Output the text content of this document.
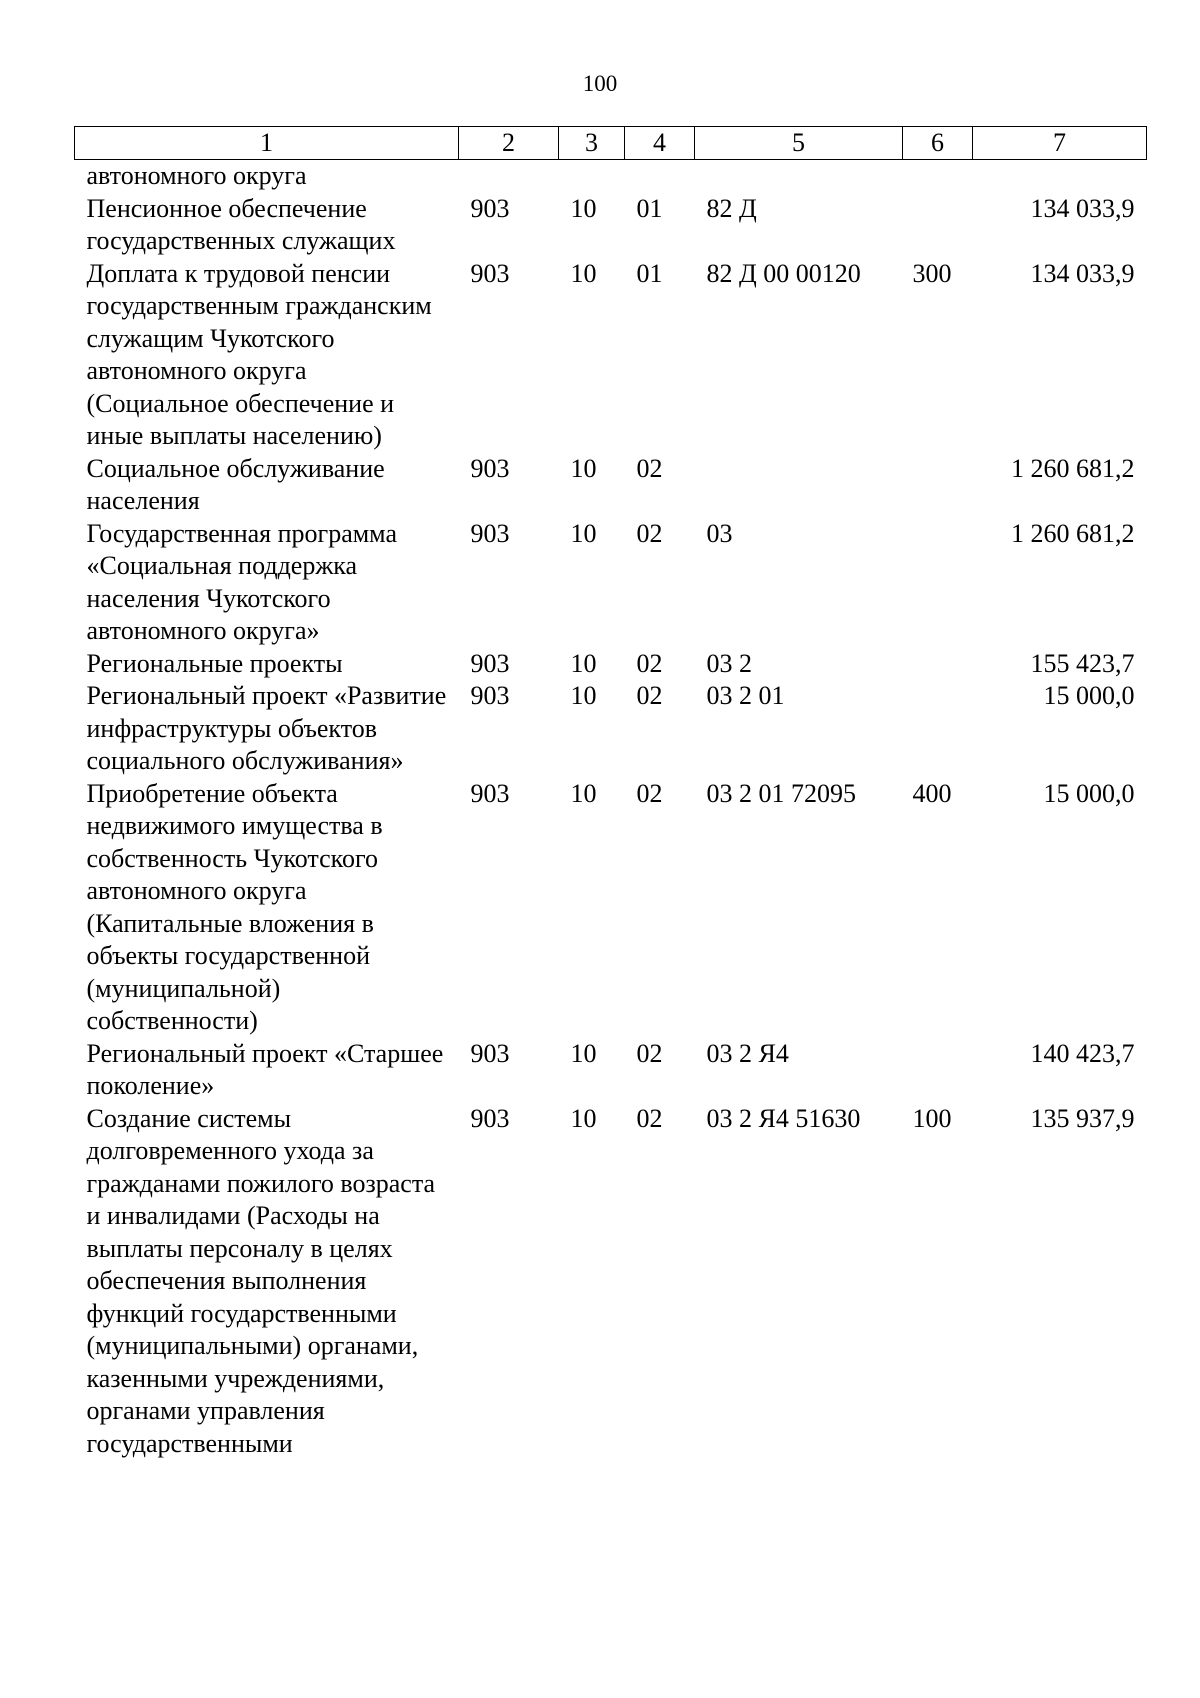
100
1	2	3	4	5	6	7
автономного округа						
Пенсионное обеспечение государственных служащих	903	10	01	82 Д		134 033,9
Доплата к трудовой пенсии государственным гражданским служащим Чукотского автономного округа (Социальное обеспечение и иные выплаты населению)	903	10	01	82 Д 00 00120	300	134 033,9
Социальное обслуживание населения	903	10	02			1 260 681,2
Государственная программа «Социальная поддержка населения Чукотского автономного округа»	903	10	02	03		1 260 681,2
Региональные проекты	903	10	02	03 2		155 423,7
Региональный проект «Развитие инфраструктуры объектов социального обслуживания»	903	10	02	03 2 01		15 000,0
Приобретение объекта недвижимого имущества в собственность Чукотского автономного округа (Капитальные вложения в объекты государственной (муниципальной) собственности)	903	10	02	03 2 01 72095	400	15 000,0
Региональный проект «Старшее поколение»	903	10	02	03 2 Я4		140 423,7
Создание системы долговременного ухода за гражданами пожилого возраста и инвалидами (Расходы на выплаты персоналу в целях обеспечения выполнения функций государственными (муниципальными) органами, казенными учреждениями, органами управления государственными	903	10	02	03 2 Я4 51630	100	135 937,9
